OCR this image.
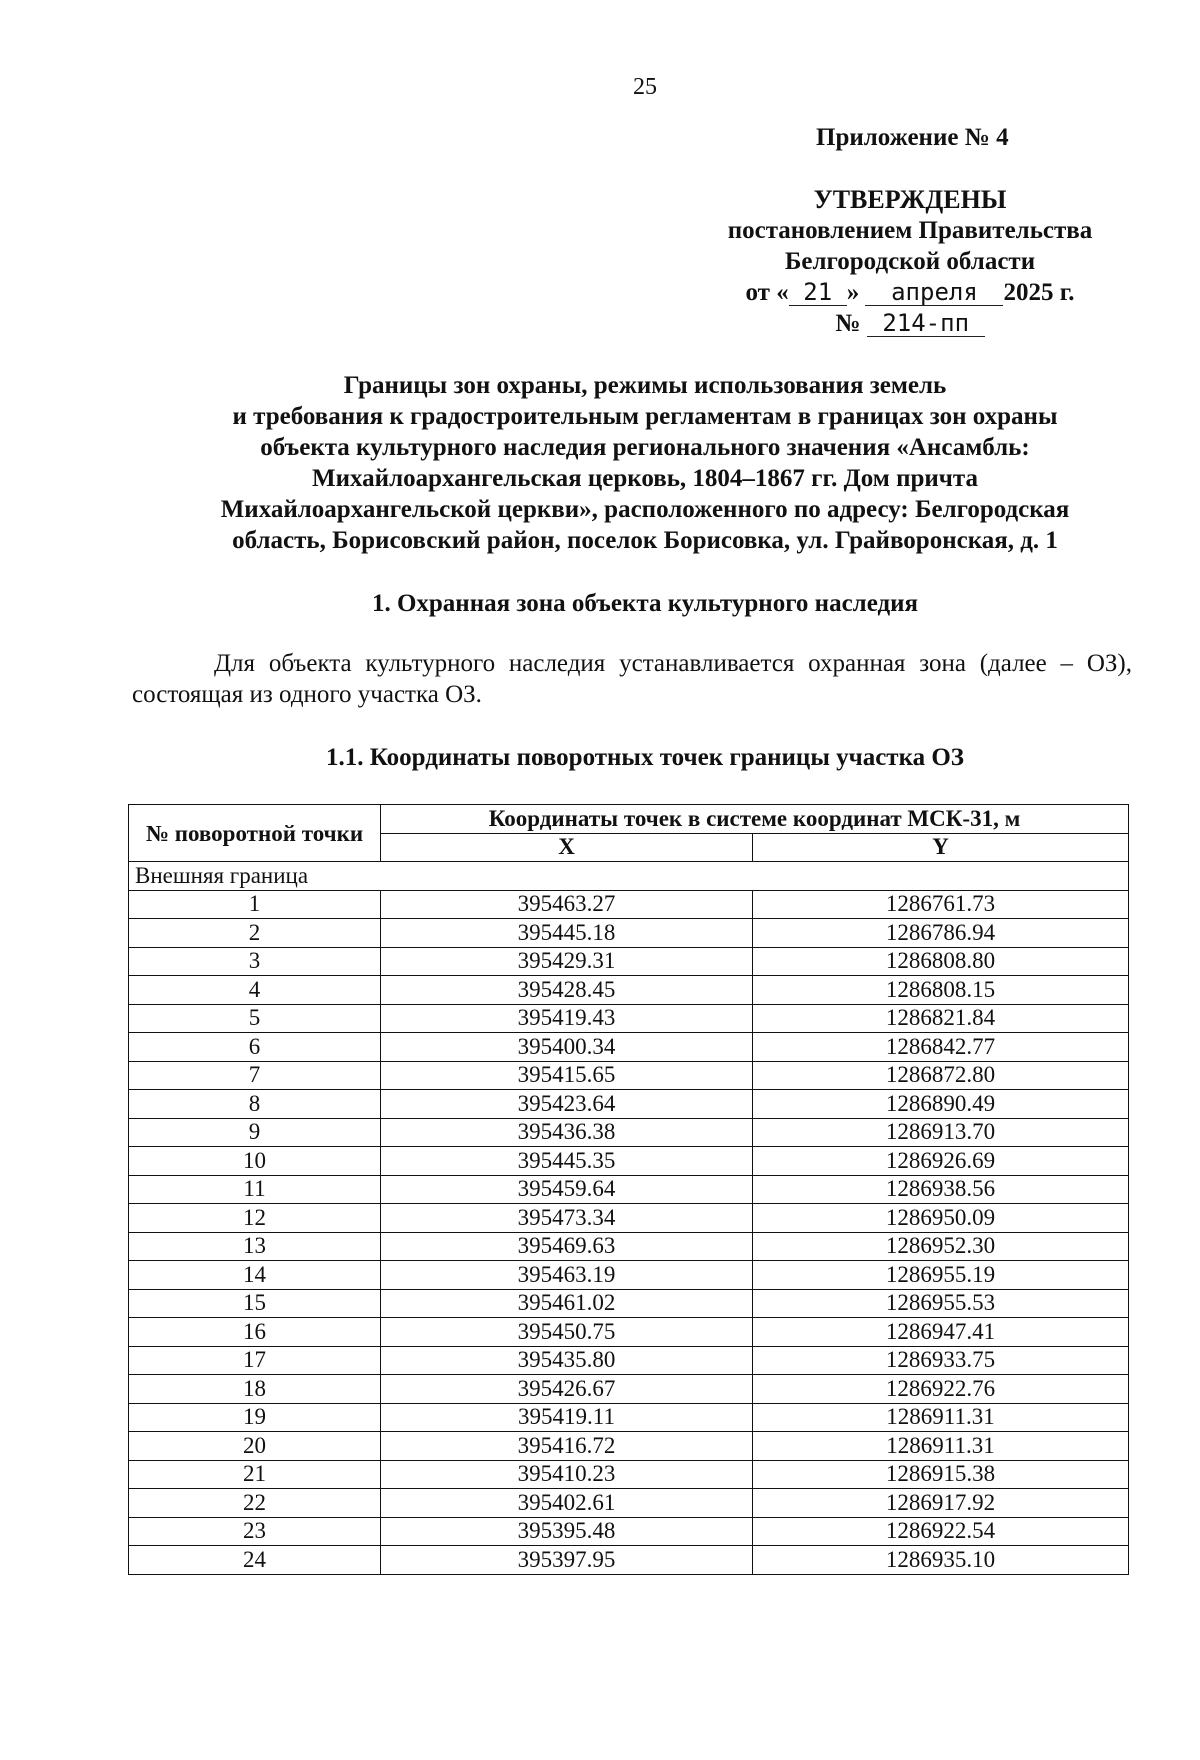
25
Приложение № 4
УТВЕРЖДЕНЫ
постановлением Правительства
Белгородской области
от « 21 » апреля 2025 г.
№ 214-пп
Границы зон охраны, режимы использования земель
и требования к градостроительным регламентам в границах зон охраны
объекта культурного наследия регионального значения «Ансамбль:
Михайлоархангельская церковь, 1804–1867 гг. Дом причта
Михайлоархангельской церкви», расположенного по адресу: Белгородская
область, Борисовский район, поселок Борисовка, ул. Грайворонская, д. 1
1. Охранная зона объекта культурного наследия
Для объекта культурного наследия устанавливается охранная зона (далее – ОЗ), состоящая из одного участка ОЗ.
1.1. Координаты поворотных точек границы участка ОЗ
№ поворотной точки	Координаты точек в системе координат МСК-31, м	
	X	Y
Внешняя граница		
1	395463.27	1286761.73
2	395445.18	1286786.94
3	395429.31	1286808.80
4	395428.45	1286808.15
5	395419.43	1286821.84
6	395400.34	1286842.77
7	395415.65	1286872.80
8	395423.64	1286890.49
9	395436.38	1286913.70
10	395445.35	1286926.69
11	395459.64	1286938.56
12	395473.34	1286950.09
13	395469.63	1286952.30
14	395463.19	1286955.19
15	395461.02	1286955.53
16	395450.75	1286947.41
17	395435.80	1286933.75
18	395426.67	1286922.76
19	395419.11	1286911.31
20	395416.72	1286911.31
21	395410.23	1286915.38
22	395402.61	1286917.92
23	395395.48	1286922.54
24	395397.95	1286935.10
